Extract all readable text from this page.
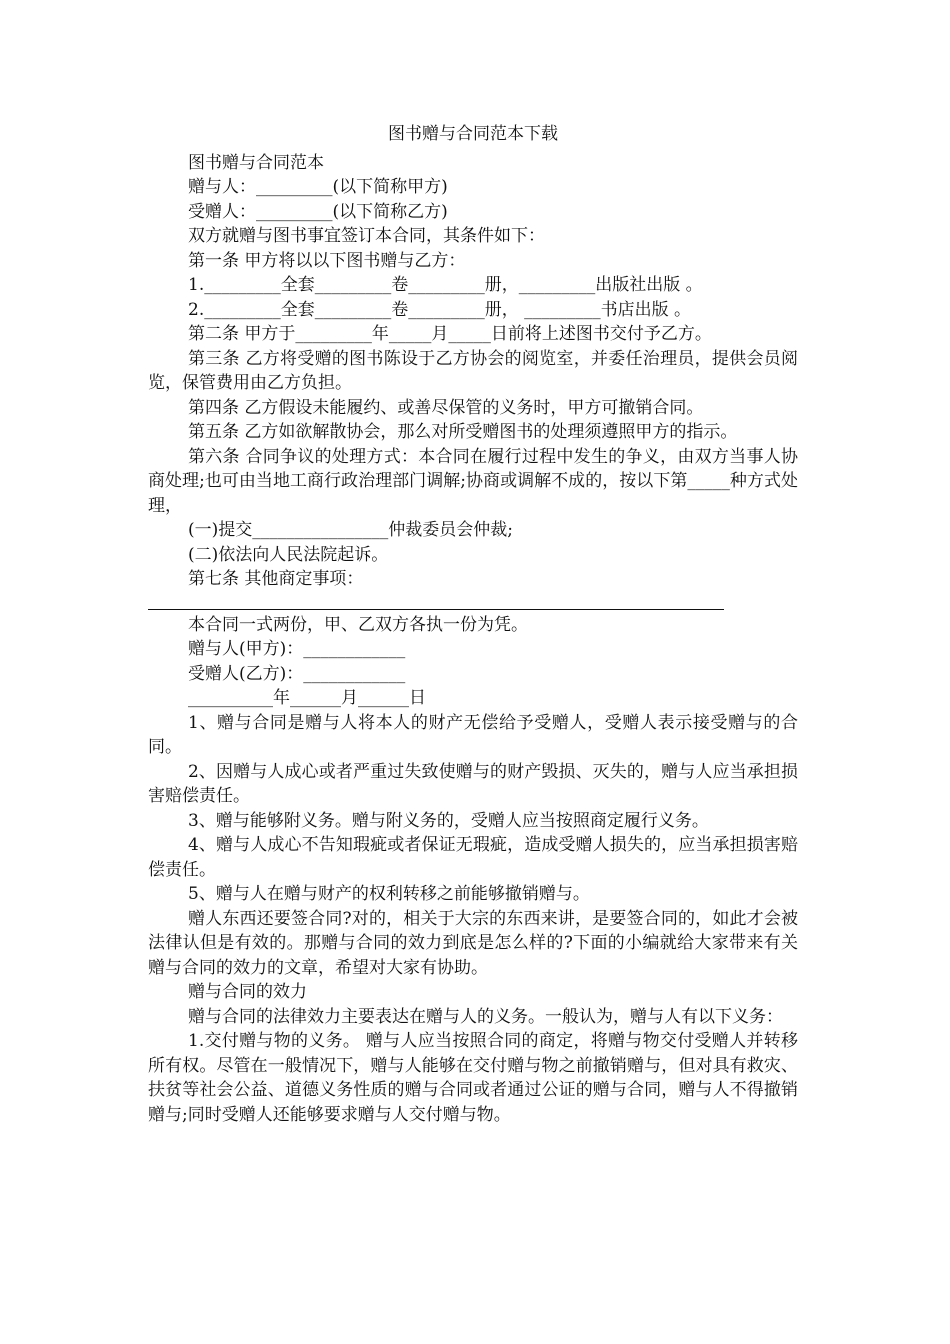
图书赠与合同范本下载

图书赠与合同范本

赠与人：_________(以下简称甲方)

受赠人：_________(以下简称乙方)

双方就赠与图书事宜签订本合同，其条件如下：

第一条 甲方将以以下图书赠与乙方：

1._________全套_________卷_________册，_________出版社出版 。

2._________全套_________卷_________册， _________书店出版 。

第二条 甲方于_________年_____月_____日前将上述图书交付予乙方。

第三条 乙方将受赠的图书陈设于乙方协会的阅览室，并委任治理员，提供会员阅览，保管费用由乙方负担。

第四条 乙方假设未能履约、或善尽保管的义务时，甲方可撤销合同。

第五条 乙方如欲解散协会，那么对所受赠图书的处理须遵照甲方的指示。

第六条 合同争议的处理方式：本合同在履行过程中发生的争义，由双方当事人协商处理;也可由当地工商行政治理部门调解;协商或调解不成的，按以下第_____种方式处理，

(一)提交________________仲裁委员会仲裁;

(二)依法向人民法院起诉。

第七条 其他商定事项：

本合同一式两份，甲、乙双方各执一份为凭。

赠与人(甲方)：____________

受赠人(乙方)：____________

__________年______月______日

1、赠与合同是赠与人将本人的财产无偿给予受赠人，受赠人表示接受赠与的合同。

2、因赠与人成心或者严重过失致使赠与的财产毁损、灭失的，赠与人应当承担损害赔偿责任。

3、赠与能够附义务。赠与附义务的，受赠人应当按照商定履行义务。

4、赠与人成心不告知瑕疵或者保证无瑕疵，造成受赠人损失的，应当承担损害赔偿责任。

5、赠与人在赠与财产的权利转移之前能够撤销赠与。

赠人东西还要签合同?对的，相关于大宗的东西来讲，是要签合同的，如此才会被法律认但是有效的。那赠与合同的效力到底是怎么样的?下面的小编就给大家带来有关赠与合同的效力的文章，希望对大家有协助。

赠与合同的效力

赠与合同的法律效力主要表达在赠与人的义务。一般认为，赠与人有以下义务：

1.交付赠与物的义务。 赠与人应当按照合同的商定，将赠与物交付受赠人并转移所有权。尽管在一般情况下，赠与人能够在交付赠与物之前撤销赠与，但对具有救灾、扶贫等社会公益、道德义务性质的赠与合同或者通过公证的赠与合同，赠与人不得撤销赠与;同时受赠人还能够要求赠与人交付赠与物。
